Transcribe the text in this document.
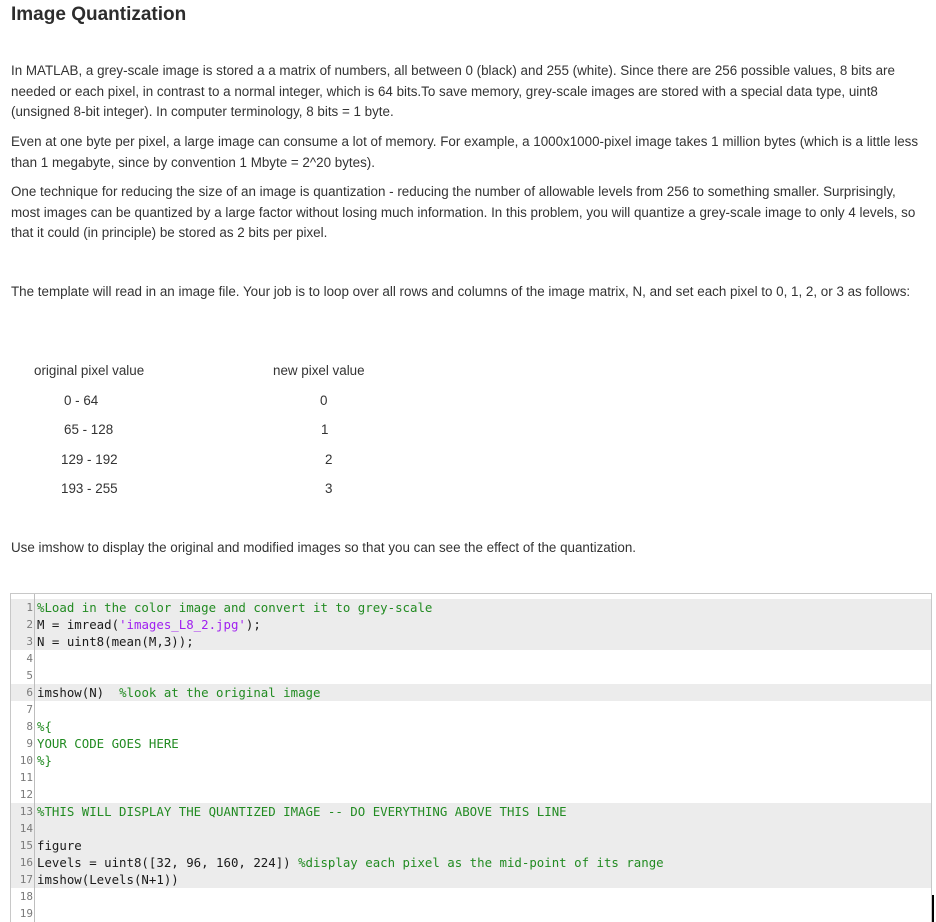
Image Quantization

In MATLAB, a grey-scale image is stored a a matrix of numbers, all between 0 (black) and 255 (white). Since there are 256 possible values, 8 bits are needed or each pixel, in contrast to a normal integer, which is 64 bits.To save memory, grey-scale images are stored with a special data type, uint8 (unsigned 8-bit integer). In computer terminology, 8 bits = 1 byte.

Even at one byte per pixel, a large image can consume a lot of memory. For example, a 1000x1000-pixel image takes 1 million bytes (which is a little less than 1 megabyte, since by convention 1 Mbyte = 2^20 bytes).

One technique for reducing the size of an image is quantization - reducing the number of allowable levels from 256 to something smaller. Surprisingly, most images can be quantized by a large factor without losing much information. In this problem, you will quantize a grey-scale image to only 4 levels, so that it could (in principle) be stored as 2 bits per pixel.

The template will read in an image file. Your job is to loop over all rows and columns of the image matrix, N, and set each pixel to 0, 1, 2, or 3 as follows:

original pixel value	new pixel value
0 - 64	0
65 - 128	1
129 - 192	2
193 - 255	3

Use imshow to display the original and modified images so that you can see the effect of the quantization.

1 %Load in the color image and convert it to grey-scale
2 M = imread('images_L8_2.jpg');
3 N = uint8(mean(M,3));
4
5
6 imshow(N)  %look at the original image
7
8 %{
9 YOUR CODE GOES HERE
10 %}
11
12
13 %THIS WILL DISPLAY THE QUANTIZED IMAGE -- DO EVERYTHING ABOVE THIS LINE
14
15 figure
16 Levels = uint8([32, 96, 160, 224]) %display each pixel as the mid-point of its range
17 imshow(Levels(N+1))
18
19
